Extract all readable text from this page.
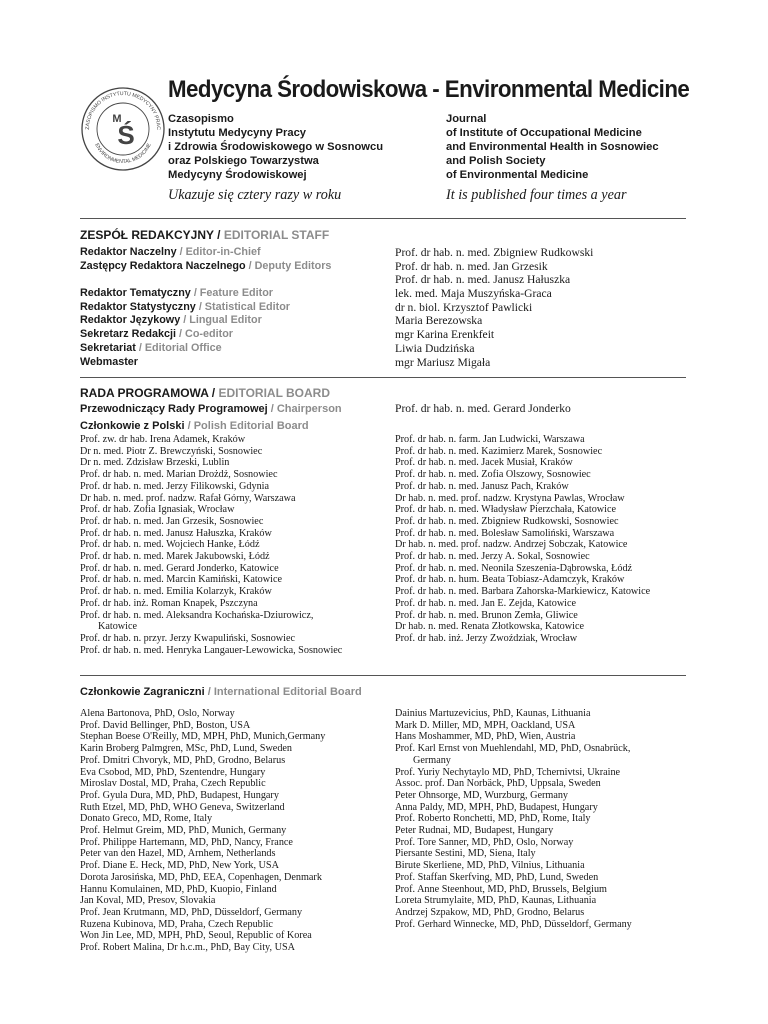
ZASOPISMO INSTYTUTU MEDYCYNY PRAC
ENVIRONMENTAL MEDICINE
M
Ś
Medycyna Środowiskowa - Environmental Medicine
Czasopismo
Instytutu Medycyny Pracy
i Zdrowia Środowiskowego w Sosnowcu
oraz Polskiego Towarzystwa
Medycyny Środowiskowej
Journal
of Institute of Occupational Medicine
and Environmental Health in Sosnowiec
and Polish Society
of Environmental Medicine
Ukazuje się cztery razy w roku	It is published four times a year
ZESPÓŁ REDAKCYJNY / EDITORIAL STAFF
Redaktor Naczelny / Editor-in-Chief
Zastępcy Redaktora Naczelnego / Deputy Editors
Redaktor Tematyczny / Feature Editor
Redaktor Statystyczny / Statistical Editor
Redaktor Językowy / Lingual Editor
Sekretarz Redakcji / Co-editor
Sekretariat / Editorial Office
Webmaster
Prof. dr hab. n. med. Zbigniew Rudkowski
Prof. dr hab. n. med. Jan Grzesik
Prof. dr hab. n. med. Janusz Hałuszka
lek. med. Maja Muszyńska-Graca
dr n. biol. Krzysztof Pawlicki
Maria Berezowska
mgr Karina Erenkfeit
Liwia Dudzińska
mgr Mariusz Migała
RADA PROGRAMOWA / EDITORIAL BOARD
Przewodniczący Rady Programowej / Chairperson	Prof. dr hab. n. med. Gerard Jonderko
Członkowie z Polski / Polish Editorial Board
Prof. zw. dr hab. Irena Adamek, Kraków
Dr n. med. Piotr Z. Brewczyński, Sosnowiec
Dr n. med. Zdzisław Brzeski, Lublin
Prof. dr hab. n. med. Marian Drożdż, Sosnowiec
Prof. dr hab. n. med. Jerzy Filikowski, Gdynia
Dr hab. n. med. prof. nadzw. Rafał Górny, Warszawa
Prof. dr hab. Zofia Ignasiak, Wrocław
Prof. dr hab. n. med. Jan Grzesik, Sosnowiec
Prof. dr hab. n. med. Janusz Hałuszka, Kraków
Prof. dr hab. n. med. Wojciech Hanke, Łódź
Prof. dr hab. n. med. Marek Jakubowski, Łódź
Prof. dr hab. n. med. Gerard Jonderko, Katowice
Prof. dr hab. n. med. Marcin Kamiński, Katowice
Prof. dr hab. n. med. Emilia Kolarzyk, Kraków
Prof. dr hab. inż. Roman Knapek, Pszczyna
Prof. dr hab. n. med. Aleksandra Kochańska-Dziurowicz,
Katowice
Prof. dr hab. n. przyr. Jerzy Kwapuliński, Sosnowiec
Prof. dr hab. n. med. Henryka Langauer-Lewowicka, Sosnowiec
Prof. dr hab. n. farm. Jan Ludwicki, Warszawa
Prof. dr hab. n. med. Kazimierz Marek, Sosnowiec
Prof. dr hab. n. med. Jacek Musiał, Kraków
Prof. dr hab. n. med. Zofia Olszowy, Sosnowiec
Prof. dr hab. n. med. Janusz Pach, Kraków
Dr hab. n. med. prof. nadzw. Krystyna Pawlas, Wrocław
Prof. dr hab. n. med. Władysław Pierzchała, Katowice
Prof. dr hab. n. med. Zbigniew Rudkowski, Sosnowiec
Prof. dr hab. n. med. Bolesław Samoliński, Warszawa
Dr hab. n. med. prof. nadzw. Andrzej Sobczak, Katowice
Prof. dr hab. n. med. Jerzy A. Sokal, Sosnowiec
Prof. dr hab. n. med. Neonila Szeszenia-Dąbrowska, Łódź
Prof. dr hab. n. hum. Beata Tobiasz-Adamczyk, Kraków
Prof. dr hab. n. med. Barbara Zahorska-Markiewicz, Katowice
Prof. dr hab. n. med. Jan E. Zejda, Katowice
Prof. dr hab. n. med. Brunon Zemła, Gliwice
Dr hab. n. med. Renata Złotkowska, Katowice
Prof. dr hab. inż. Jerzy Zwoździak, Wrocław
Członkowie Zagraniczni / International Editorial Board
Alena Bartonova, PhD, Oslo, Norway
Prof. David Bellinger, PhD, Boston, USA
Stephan Boese O'Reilly, MD, MPH, PhD, Munich,Germany
Karin Broberg Palmgren, MSc, PhD, Lund, Sweden
Prof. Dmitri Chvoryk, MD, PhD, Grodno, Belarus
Eva Csobod, MD, PhD, Szentendre, Hungary
Miroslav Dostal, MD, Praha, Czech Republic
Prof. Gyula Dura, MD, PhD, Budapest, Hungary
Ruth Etzel, MD, PhD, WHO Geneva, Switzerland
Donato Greco, MD, Rome, Italy
Prof. Helmut Greim, MD, PhD, Munich, Germany
Prof. Philippe Hartemann, MD, PhD, Nancy, France
Peter van den Hazel, MD, Arnhem, Netherlands
Prof. Diane E. Heck, MD, PhD, New York, USA
Dorota Jarosińska, MD, PhD, EEA, Copenhagen, Denmark
Hannu Komulainen, MD, PhD, Kuopio, Finland
Jan Koval, MD, Presov, Slovakia
Prof. Jean Krutmann, MD, PhD, Düsseldorf, Germany
Ruzena Kubinova, MD, Praha, Czech Republic
Won Jin Lee, MD, MPH, PhD, Seoul, Republic of Korea
Prof. Robert Malina, Dr h.c.m., PhD, Bay City, USA
Dainius Martuzevicius, PhD, Kaunas, Lithuania
Mark D. Miller, MD, MPH, Oackland, USA
Hans Moshammer, MD, PhD, Wien, Austria
Prof. Karl Ernst von Muehlendahl, MD, PhD, Osnabrück,
Germany
Prof. Yuriy Nechytaylo MD, PhD, Tchernivtsi, Ukraine
Assoc. prof. Dan Norbäck, PhD, Uppsala, Sweden
Peter Ohnsorge, MD, Wurzburg, Germany
Anna Paldy, MD, MPH, PhD, Budapest, Hungary
Prof. Roberto Ronchetti, MD, PhD, Rome, Italy
Peter Rudnai, MD, Budapest, Hungary
Prof. Tore Sanner, MD, PhD, Oslo, Norway
Piersante Sestini, MD, Siena, Italy
Birute Skerliene, MD, PhD, Vilnius, Lithuania
Prof. Staffan Skerfving, MD, PhD, Lund, Sweden
Prof. Anne Steenhout, MD, PhD, Brussels, Belgium
Loreta Strumylaite, MD, PhD, Kaunas, Lithuania
Andrzej Szpakow, MD, PhD, Grodno, Belarus
Prof. Gerhard Winnecke, MD, PhD, Düsseldorf, Germany
